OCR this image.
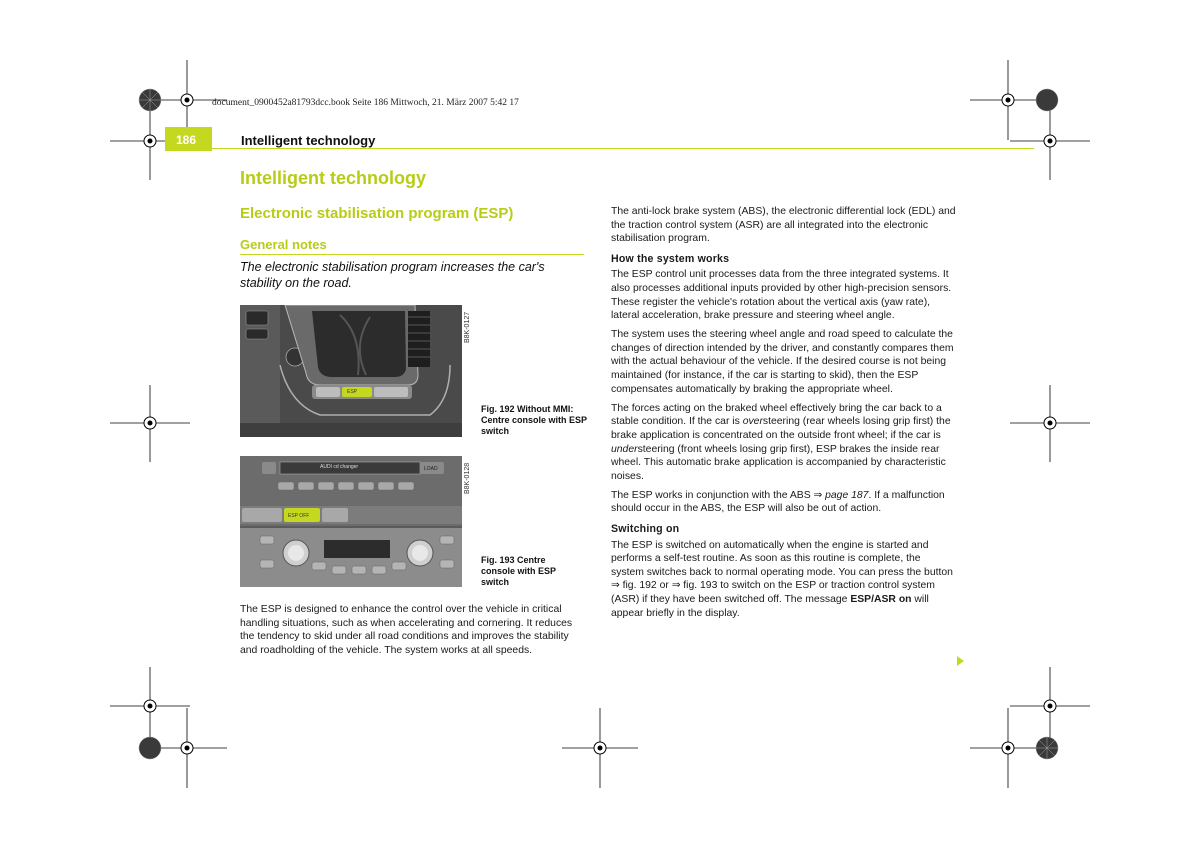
document_0900452a81793dcc.book Seite 186 Mittwoch, 21. März 2007 5:42 17
186	Intelligent technology
Intelligent technology
Electronic stabilisation program (ESP)
General notes
The electronic stabilisation program increases the car's stability on the road.
ESP
B8K-0127
Fig. 192 Without MMI: Centre console with ESP switch
AUDI cd changer	LOAD
ESP OFF
B8K-0128
Fig. 193 Centre console with ESP switch

The ESP is designed to enhance the control over the vehicle in critical handling situations, such as when accelerating and cornering. It reduces the tendency to skid under all road conditions and improves the stability and roadholding of the vehicle. The system works at all speeds.

The anti-lock brake system (ABS), the electronic differential lock (EDL) and the traction control system (ASR) are all integrated into the electronic stabilisation program.

How the system works

The ESP control unit processes data from the three integrated systems. It also processes additional inputs provided by other high-precision sensors. These register the vehicle's rotation about the vertical axis (yaw rate), lateral acceleration, brake pressure and steering wheel angle.

The system uses the steering wheel angle and road speed to calculate the changes of direction intended by the driver, and constantly compares them with the actual behaviour of the vehicle. If the desired course is not being maintained (for instance, if the car is starting to skid), then the ESP compensates automatically by braking the appropriate wheel.

The forces acting on the braked wheel effectively bring the car back to a stable condition. If the car is oversteering (rear wheels losing grip first) the brake application is concentrated on the outside front wheel; if the car is understeering (front wheels losing grip first), ESP brakes the inside rear wheel. This automatic brake application is accompanied by characteristic noises.

The ESP works in conjunction with the ABS ⇒ page 187. If a malfunction should occur in the ABS, the ESP will also be out of action.

Switching on

The ESP is switched on automatically when the engine is started and performs a self-test routine. As soon as this routine is complete, the system switches back to normal operating mode. You can press the button ⇒ fig. 192 or ⇒ fig. 193 to switch on the ESP or traction control system (ASR) if they have been switched off. The message ESP/ASR on will appear briefly in the display.
